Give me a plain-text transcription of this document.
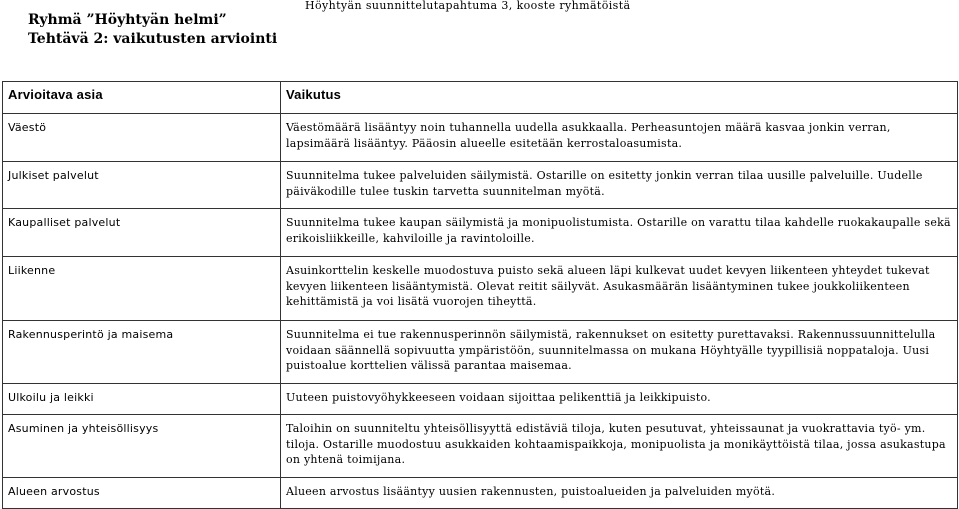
Höyhtyän suunnittelutapahtuma 3, kooste ryhmätöistä
Ryhmä ”Höyhtyän helmi”
Tehtävä 2: vaikutusten arviointi
Arvioitava asia	Vaikutus
Väestö	Väestömäärä lisääntyy noin tuhannella uudella asukkaalla. Perheasuntojen määrä kasvaa jonkin verran, lapsimäärä lisääntyy. Pääosin alueelle esitetään kerrostaloasumista.
Julkiset palvelut	Suunnitelma tukee palveluiden säilymistä. Ostarille on esitetty jonkin verran tilaa uusille palveluille. Uudelle päiväkodille tulee tuskin tarvetta suunnitelman myötä.
Kaupalliset palvelut	Suunnitelma tukee kaupan säilymistä ja monipuolistumista. Ostarille on varattu tilaa kahdelle ruokakaupalle sekä erikoisliikkeille, kahviloille ja ravintoloille.
Liikenne	Asuinkorttelin keskelle muodostuva puisto sekä alueen läpi kulkevat uudet kevyen liikenteen yhteydet tukevat kevyen liikenteen lisääntymistä. Olevat reitit säilyvät. Asukasmäärän lisääntyminen tukee joukkoliikenteen kehittämistä ja voi lisätä vuorojen tiheyttä.
Rakennusperintö ja maisema	Suunnitelma ei tue rakennusperinnön säilymistä, rakennukset on esitetty purettavaksi. Rakennussuunnittelulla voidaan säännellä sopivuutta ympäristöön, suunnitelmassa on mukana Höyhtyälle tyypillisiä noppataloja. Uusi puistoalue korttelien välissä parantaa maisemaa.
Ulkoilu ja leikki	Uuteen puistovyöhykkeeseen voidaan sijoittaa pelikenttiä ja leikkipuisto.
Asuminen ja yhteisöllisyys	Taloihin on suunniteltu yhteisöllisyyttä edistäviä tiloja, kuten pesutuvat, yhteissaunat ja vuokrattavia työ- ym. tiloja. Ostarille muodostuu asukkaiden kohtaamispaikkoja, monipuolista ja monikäyttöistä tilaa, jossa asukastupa on yhtenä toimijana.
Alueen arvostus	Alueen arvostus lisääntyy uusien rakennusten, puistoalueiden ja palveluiden myötä.
